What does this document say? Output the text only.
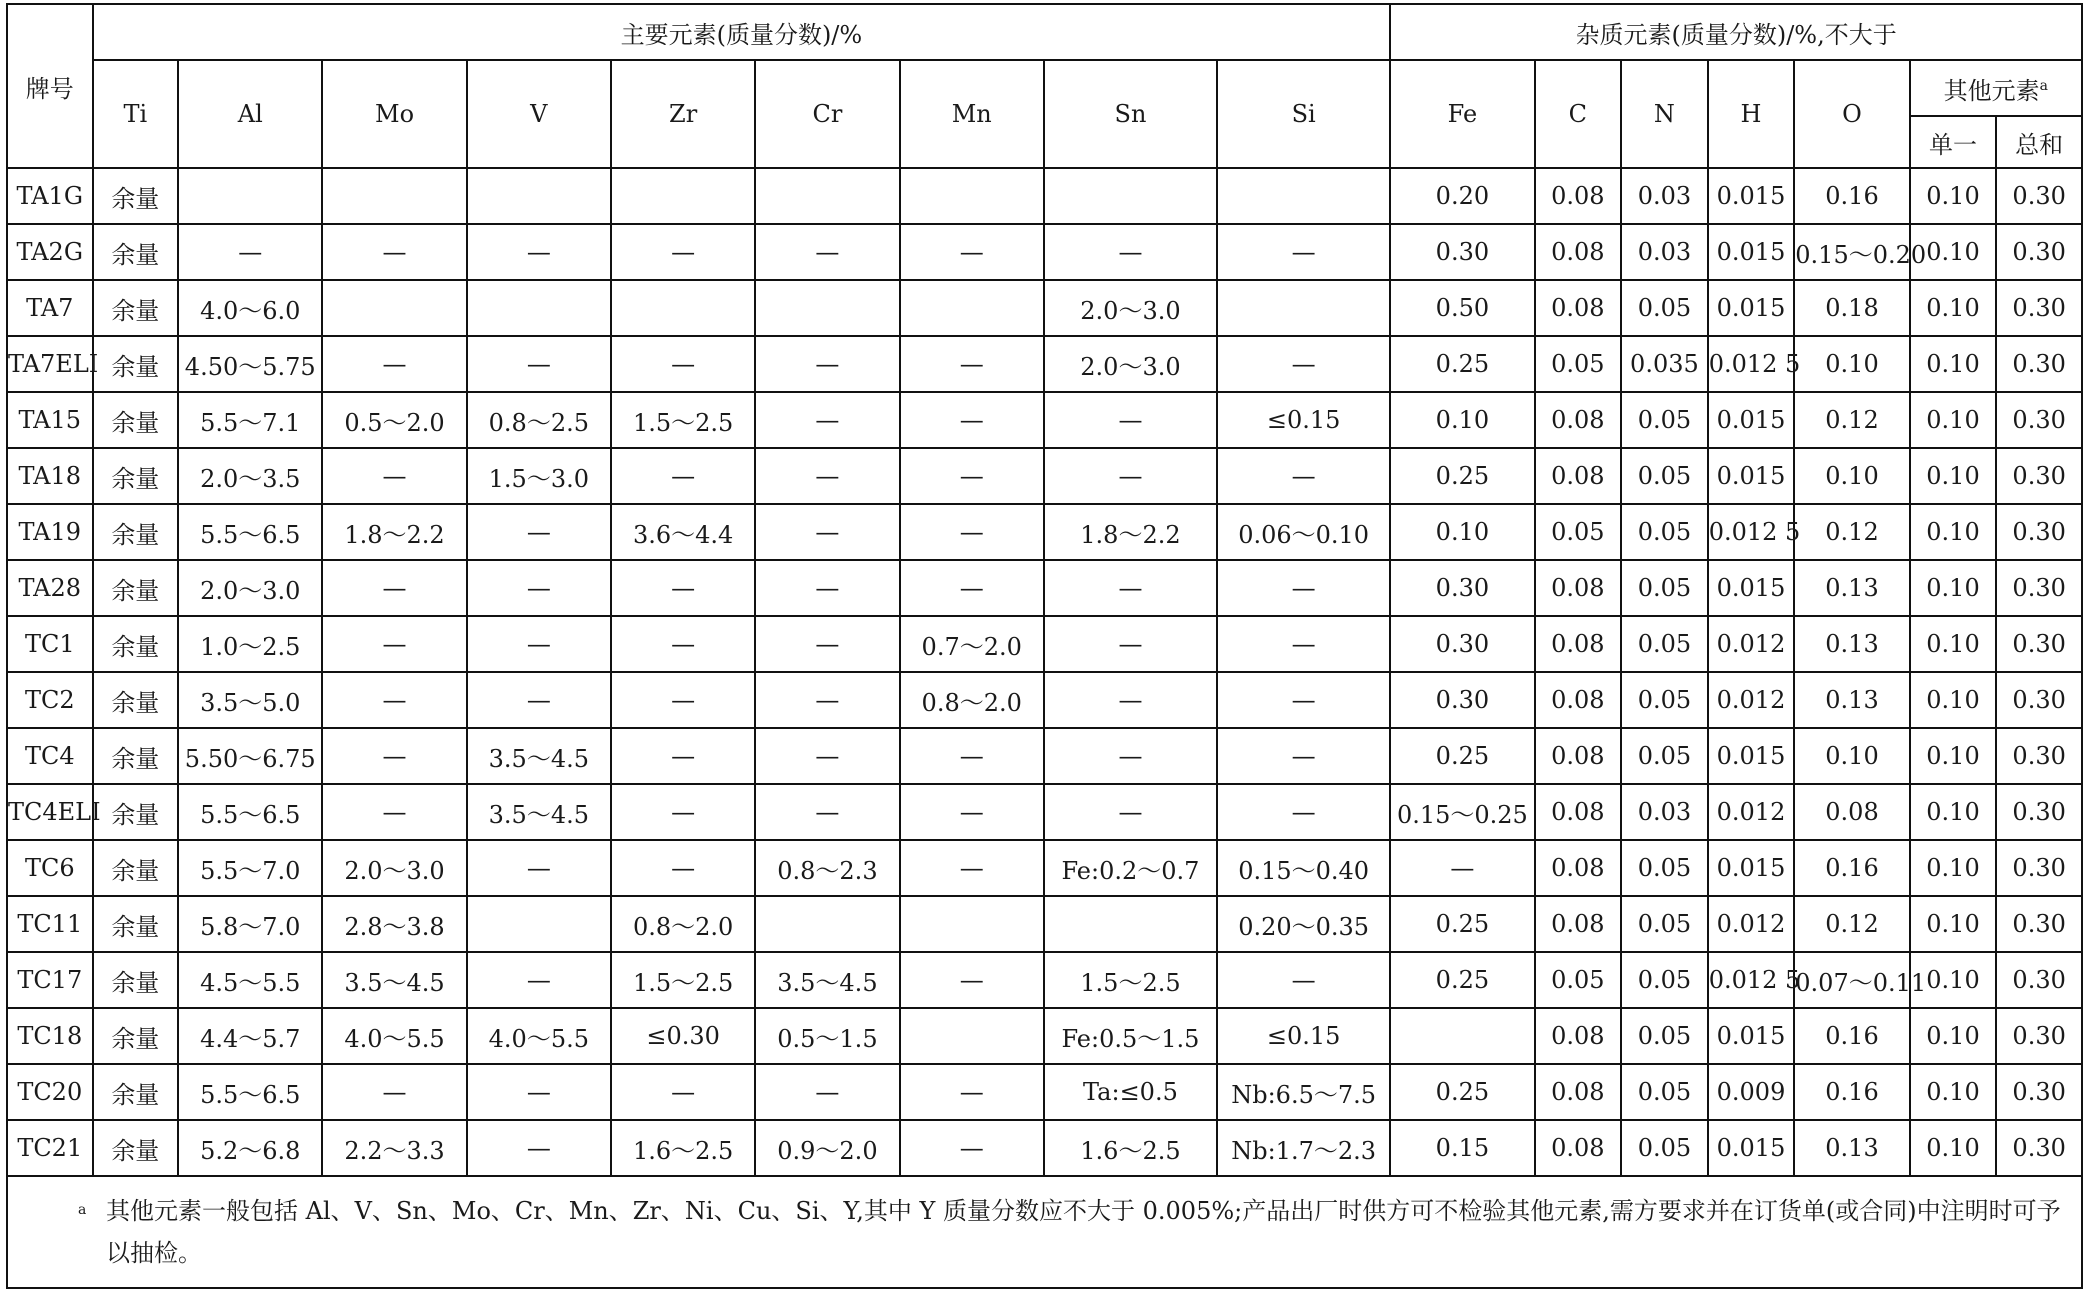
牌号	主要元素(质量分数)/%									杂质元素(质量分数)/%,不大于						
	Ti	Al	Mo	V	Zr	Cr	Mn	Sn	Si	Fe	C	N	H	O	其他元素$^a$
															单一	总和
TA1G	余量									0.20	0.08	0.03	0.015	0.16	0.10	0.30
TA2G	余量	—	—	—	—	—	—	—	—	0.30	0.08	0.03	0.015	0.15～0.20	0.10	0.30
TA7	余量	4.0～6.0						2.0～3.0		0.50	0.08	0.05	0.015	0.18	0.10	0.30
TA7ELI	余量	4.50～5.75	—	—	—	—	—	2.0～3.0	—	0.25	0.05	0.035	0.012 5	0.10	0.10	0.30
TA15	余量	5.5～7.1	0.5～2.0	0.8～2.5	1.5～2.5	—	—	—	≤0.15	0.10	0.08	0.05	0.015	0.12	0.10	0.30
TA18	余量	2.0～3.5	—	1.5～3.0	—	—	—	—	—	0.25	0.08	0.05	0.015	0.10	0.10	0.30
TA19	余量	5.5～6.5	1.8～2.2	—	3.6～4.4	—	—	1.8～2.2	0.06～0.10	0.10	0.05	0.05	0.012 5	0.12	0.10	0.30
TA28	余量	2.0～3.0	—	—	—	—	—	—	—	0.30	0.08	0.05	0.015	0.13	0.10	0.30
TC1	余量	1.0～2.5	—	—	—	—	0.7～2.0	—	—	0.30	0.08	0.05	0.012	0.13	0.10	0.30
TC2	余量	3.5～5.0	—	—	—	—	0.8～2.0	—	—	0.30	0.08	0.05	0.012	0.13	0.10	0.30
TC4	余量	5.50～6.75	—	3.5～4.5	—	—	—	—	—	0.25	0.08	0.05	0.015	0.10	0.10	0.30
TC4ELI	余量	5.5～6.5	—	3.5～4.5	—	—	—	—	—	0.15～0.25	0.08	0.03	0.012	0.08	0.10	0.30
TC6	余量	5.5～7.0	2.0～3.0	—	—	0.8～2.3	—	Fe:0.2～0.7	0.15～0.40	—	0.08	0.05	0.015	0.16	0.10	0.30
TC11	余量	5.8～7.0	2.8～3.8		0.8～2.0				0.20～0.35	0.25	0.08	0.05	0.012	0.12	0.10	0.30
TC17	余量	4.5～5.5	3.5～4.5	—	1.5～2.5	3.5～4.5	—	1.5～2.5	—	0.25	0.05	0.05	0.012 5	0.07～0.11	0.10	0.30
TC18	余量	4.4～5.7	4.0～5.5	4.0～5.5	≤0.30	0.5～1.5		Fe:0.5～1.5	≤0.15		0.08	0.05	0.015	0.16	0.10	0.30
TC20	余量	5.5～6.5	—	—	—	—	—	Ta:≤0.5	Nb:6.5～7.5	0.25	0.08	0.05	0.009	0.16	0.10	0.30
TC21	余量	5.2～6.8	2.2～3.3	—	1.6～2.5	0.9～2.0	—	1.6～2.5	Nb:1.7～2.3	0.15	0.08	0.05	0.015	0.13	0.10	0.30

a 其他元素一般包括 Al、V、Sn、Mo、Cr、Mn、Zr、Ni、Cu、Si、Y,其中 Y 质量分数应不大于 0.005%;产品出厂时供方可不检验其他元素,需方要求并在订货单(或合同)中注明时可予以抽检。																
